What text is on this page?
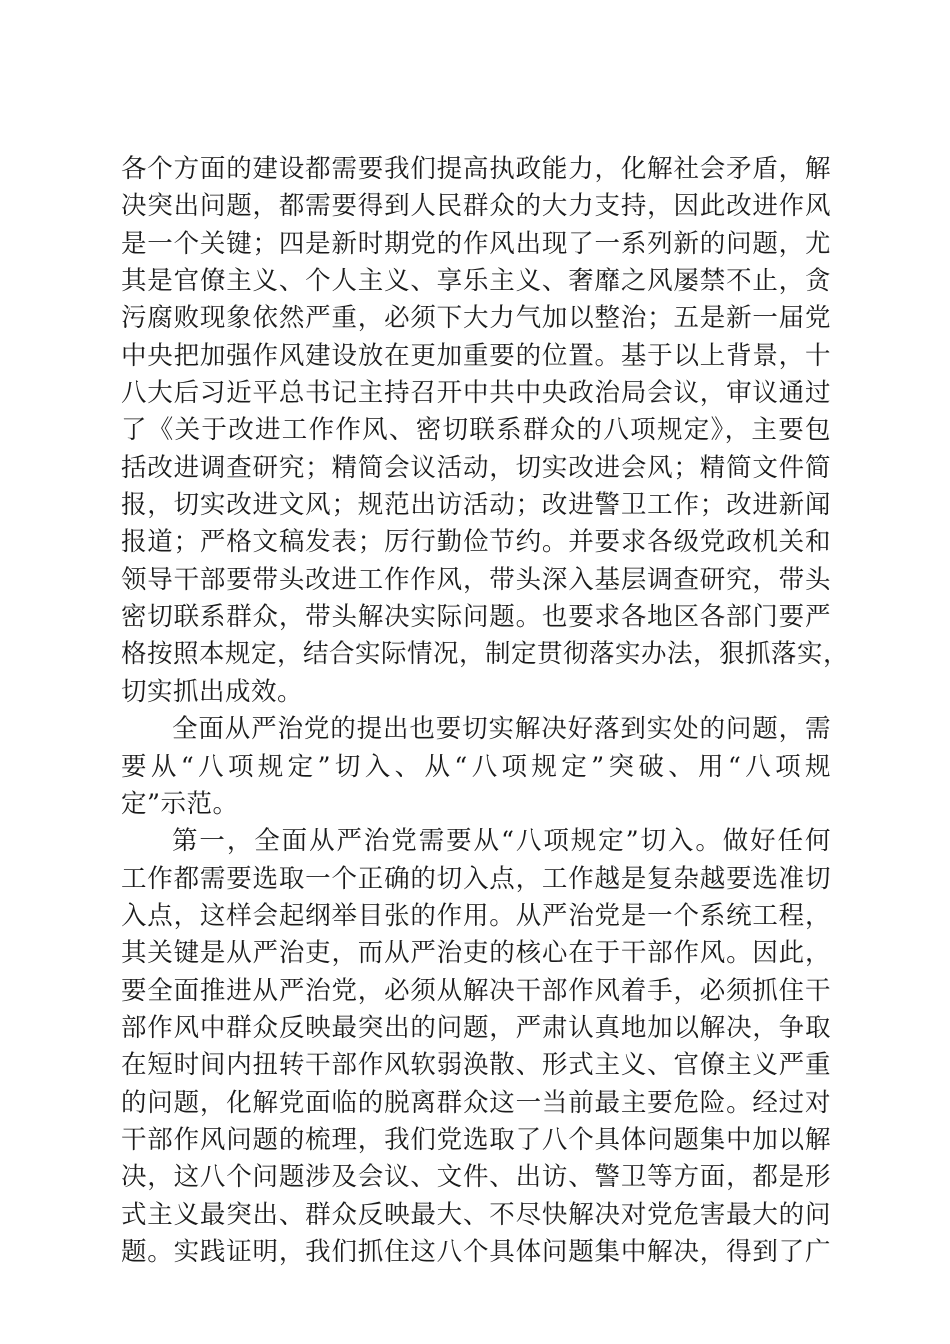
各个方面的建设都需要我们提高执政能力，化解社会矛盾，解
决突出问题，都需要得到人民群众的大力支持，因此改进作风
是一个关键；四是新时期党的作风出现了一系列新的问题，尤
其是官僚主义、个人主义、享乐主义、奢靡之风屡禁不止，贪
污腐败现象依然严重，必须下大力气加以整治；五是新一届党
中央把加强作风建设放在更加重要的位置。基于以上背景，十
八大后习近平总书记主持召开中共中央政治局会议，审议通过
了《关于改进工作作风、密切联系群众的八项规定》，主要包
括改进调查研究；精简会议活动，切实改进会风；精简文件简
报，切实改进文风；规范出访活动；改进警卫工作；改进新闻
报道；严格文稿发表；厉行勤俭节约。并要求各级党政机关和
领导干部要带头改进工作作风，带头深入基层调查研究，带头
密切联系群众，带头解决实际问题。也要求各地区各部门要严
格按照本规定，结合实际情况，制定贯彻落实办法，狠抓落实，
切实抓出成效。
全面从严治党的提出也要切实解决好落到实处的问题，需
要从“八项规定”切入、从“八项规定”突破、用“八项规
定”示范。
第一，全面从严治党需要从“八项规定”切入。做好任何
工作都需要选取一个正确的切入点，工作越是复杂越要选准切
入点，这样会起纲举目张的作用。从严治党是一个系统工程，
其关键是从严治吏，而从严治吏的核心在于干部作风。因此，
要全面推进从严治党，必须从解决干部作风着手，必须抓住干
部作风中群众反映最突出的问题，严肃认真地加以解决，争取
在短时间内扭转干部作风软弱涣散、形式主义、官僚主义严重
的问题，化解党面临的脱离群众这一当前最主要危险。经过对
干部作风问题的梳理，我们党选取了八个具体问题集中加以解
决，这八个问题涉及会议、文件、出访、警卫等方面，都是形
式主义最突出、群众反映最大、不尽快解决对党危害最大的问
题。实践证明，我们抓住这八个具体问题集中解决，得到了广
